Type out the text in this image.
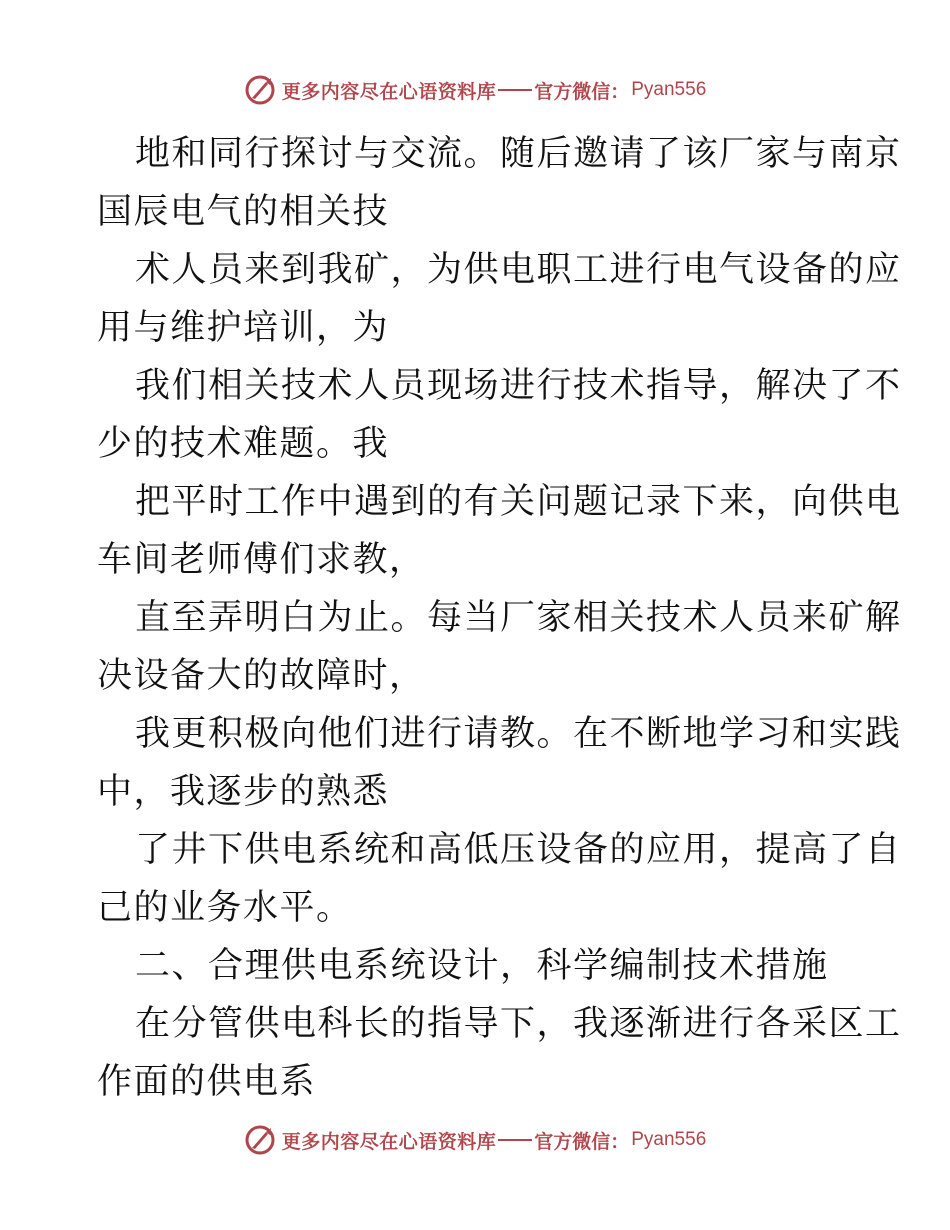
更多内容尽在心语资料库 官方微信： Pyan556
地和同行探讨与交流。随后邀请了该厂家与南京
国辰电气的相关技
术人员来到我矿，为供电职工进行电气设备的应
用与维护培训，为
我们相关技术人员现场进行技术指导，解决了不
少的技术难题。我
把平时工作中遇到的有关问题记录下来，向供电
车间老师傅们求教，
直至弄明白为止。每当厂家相关技术人员来矿解
决设备大的故障时，
我更积极向他们进行请教。在不断地学习和实践
中，我逐步的熟悉
了井下供电系统和高低压设备的应用，提高了自
己的业务水平。
二、合理供电系统设计，科学编制技术措施
在分管供电科长的指导下，我逐渐进行各采区工
作面的供电系
更多内容尽在心语资料库 官方微信： Pyan556
